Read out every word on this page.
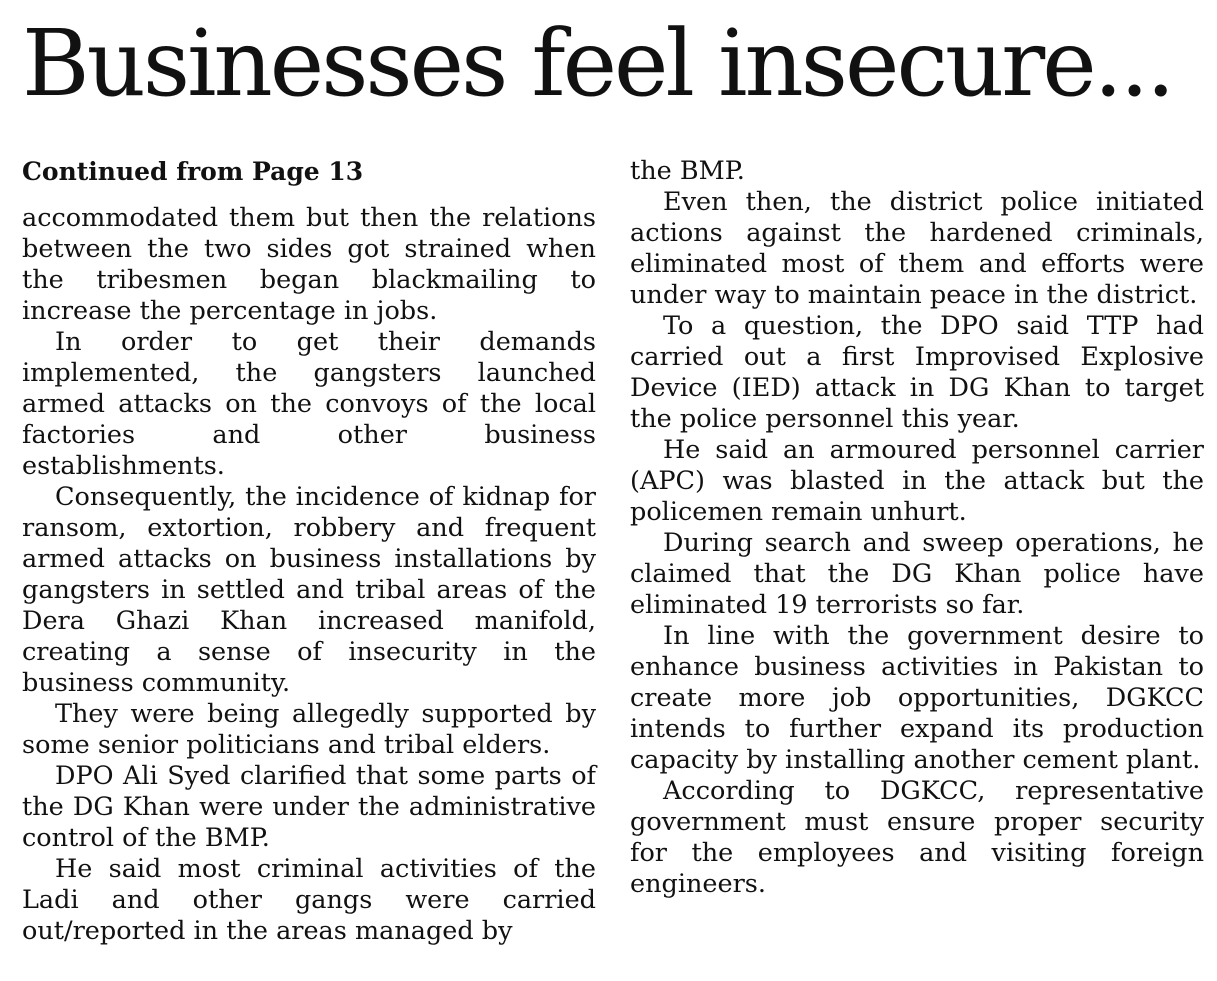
Businesses feel insecure...
Continued from Page 13

accommodated them but then the relations between the two sides got strained when the tribesmen began blackmailing to increase the percentage in jobs.

In order to get their demands implemented, the gangsters launched armed attacks on the convoys of the local factories and other business establishments.

Consequently, the incidence of kidnap for ransom, extortion, robbery and frequent armed attacks on business installations by gangsters in settled and tribal areas of the Dera Ghazi Khan increased manifold, creating a sense of insecurity in the business community.

They were being allegedly supported by some senior politicians and tribal elders.

DPO Ali Syed clarified that some parts of the DG Khan were under the administrative control of the BMP.

He said most criminal activities of the Ladi and other gangs were carried out/reported in the areas managed by

the BMP.

Even then, the district police initiated actions against the hardened criminals, eliminated most of them and efforts were under way to maintain peace in the district.

To a question, the DPO said TTP had carried out a first Improvised Explosive Device (IED) attack in DG Khan to target the police personnel this year.

He said an armoured personnel carrier (APC) was blasted in the attack but the policemen remain unhurt.

During search and sweep operations, he claimed that the DG Khan police have eliminated 19 terrorists so far.

In line with the government desire to enhance business activities in Pakistan to create more job opportunities, DGKCC intends to further expand its production capacity by installing another cement plant.

According to DGKCC, representative government must ensure proper security for the employees and visiting foreign engineers.
